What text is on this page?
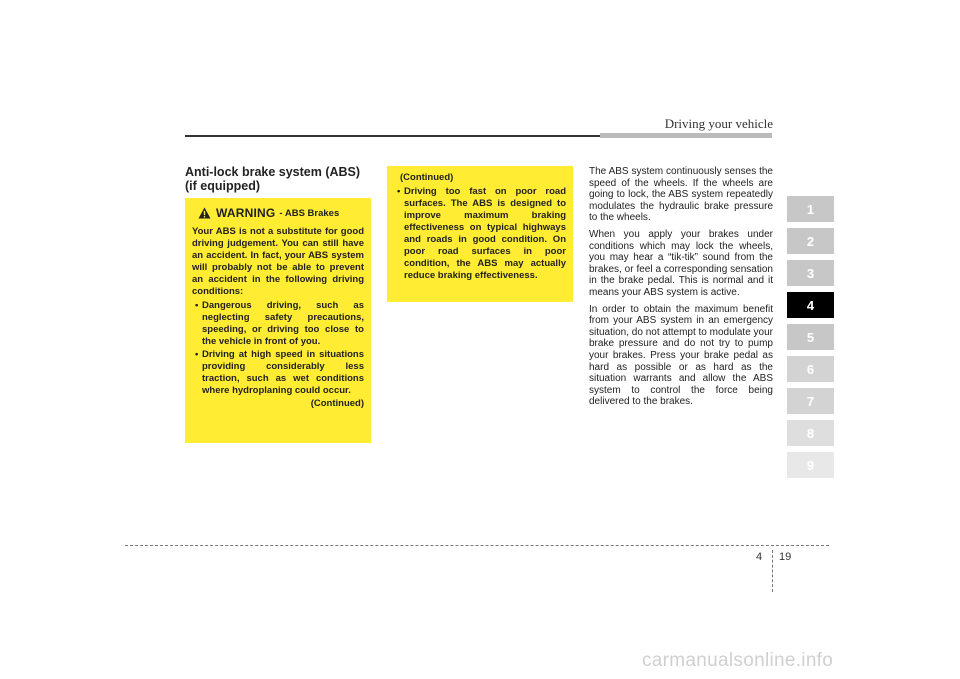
Driving your vehicle
Anti-lock brake system (ABS)
(if equipped)
WARNING - ABS Brakes

Your ABS is not a substitute for good driving judgement. You can still have an accident. In fact, your ABS system will probably not be able to prevent an accident in the following driving conditions:

• Dangerous driving, such as neglecting safety precautions, speeding, or driving too close to the vehicle in front of you.
• Driving at high speed in situations providing considerably less traction, such as wet conditions where hydroplaning could occur.
(Continued)
(Continued)
• Driving too fast on poor road surfaces. The ABS is designed to improve maximum braking effectiveness on typical highways and roads in good condition. On poor road surfaces in poor condition, the ABS may actually reduce braking effectiveness.

The ABS system continuously senses the speed of the wheels. If the wheels are going to lock, the ABS system repeatedly modulates the hydraulic brake pressure to the wheels.

When you apply your brakes under conditions which may lock the wheels, you may hear a “tik-tik” sound from the brakes, or feel a corresponding sensation in the brake pedal. This is normal and it means your ABS system is active.

In order to obtain the maximum benefit from your ABS system in an emergency situation, do not attempt to modulate your brake pressure and do not try to pump your brakes. Press your brake pedal as hard as possible or as hard as the situation warrants and allow the ABS system to control the force being delivered to the brakes.

1
2
3
4
5
6
7
8
9
4 19
carmanualsonline.info
